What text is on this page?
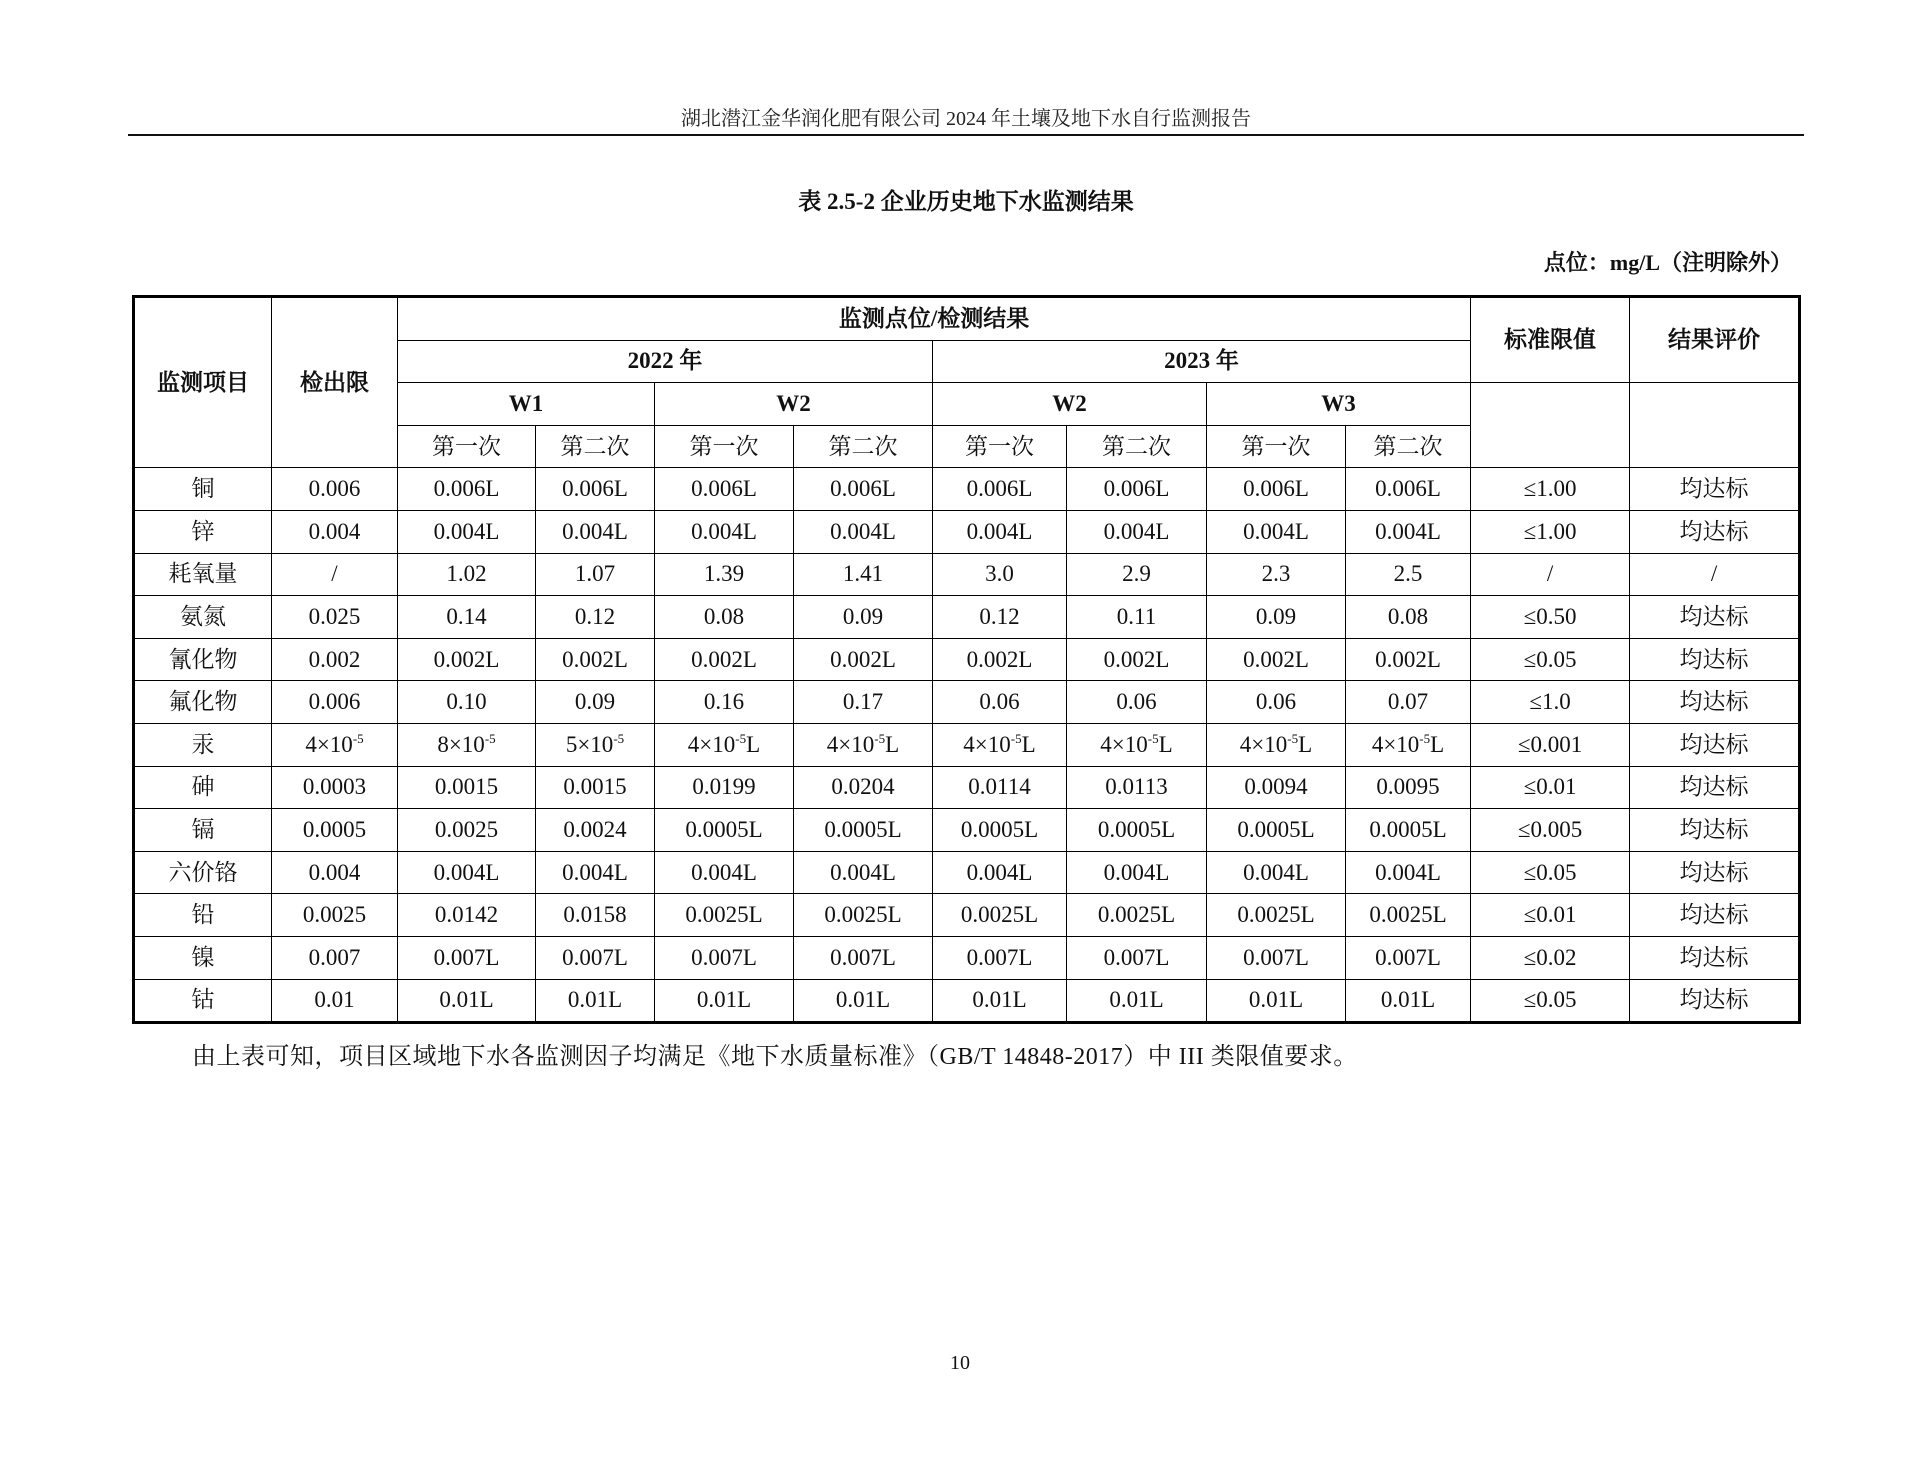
湖北潜江金华润化肥有限公司 2024 年土壤及地下水自行监测报告
表 2.5-2 企业历史地下水监测结果
点位：mg/L（注明除外）
监测项目	检出限	监测点位/检测结果								标准限值	结果评价
		2022 年				2023 年					
		W1		W2		W2		W3			
		第一次	第二次	第一次	第二次	第一次	第二次	第一次	第二次		
铜	0.006	0.006L	0.006L	0.006L	0.006L	0.006L	0.006L	0.006L	0.006L	≤1.00	均达标
锌	0.004	0.004L	0.004L	0.004L	0.004L	0.004L	0.004L	0.004L	0.004L	≤1.00	均达标
耗氧量	/	1.02	1.07	1.39	1.41	3.0	2.9	2.3	2.5	/	/
氨氮	0.025	0.14	0.12	0.08	0.09	0.12	0.11	0.09	0.08	≤0.50	均达标
氰化物	0.002	0.002L	0.002L	0.002L	0.002L	0.002L	0.002L	0.002L	0.002L	≤0.05	均达标
氟化物	0.006	0.10	0.09	0.16	0.17	0.06	0.06	0.06	0.07	≤1.0	均达标
汞	$4\times 10^{-5}$	$8\times 10^{-5}$	$5\times 10^{-5}$	$4\times 10^{-5}L$	$4\times 10^{-5}L$	$4\times 10^{-5}L$	$4\times 10^{-5}L$	$4\times 10^{-5}L$	$4\times 10^{-5}L$	≤0.001	均达标
砷	0.0003	0.0015	0.0015	0.0199	0.0204	0.0114	0.0113	0.0094	0.0095	≤0.01	均达标
镉	0.0005	0.0025	0.0024	0.0005L	0.0005L	0.0005L	0.0005L	0.0005L	0.0005L	≤0.005	均达标
六价铬	0.004	0.004L	0.004L	0.004L	0.004L	0.004L	0.004L	0.004L	0.004L	≤0.05	均达标
铅	0.0025	0.0142	0.0158	0.0025L	0.0025L	0.0025L	0.0025L	0.0025L	0.0025L	≤0.01	均达标
镍	0.007	0.007L	0.007L	0.007L	0.007L	0.007L	0.007L	0.007L	0.007L	≤0.02	均达标
钴	0.01	0.01L	0.01L	0.01L	0.01L	0.01L	0.01L	0.01L	0.01L	≤0.05	均达标
由上表可知，项目区域地下水各监测因子均满足《地下水质量标准》（GB/T 14848-2017）中 III 类限值要求。
10
